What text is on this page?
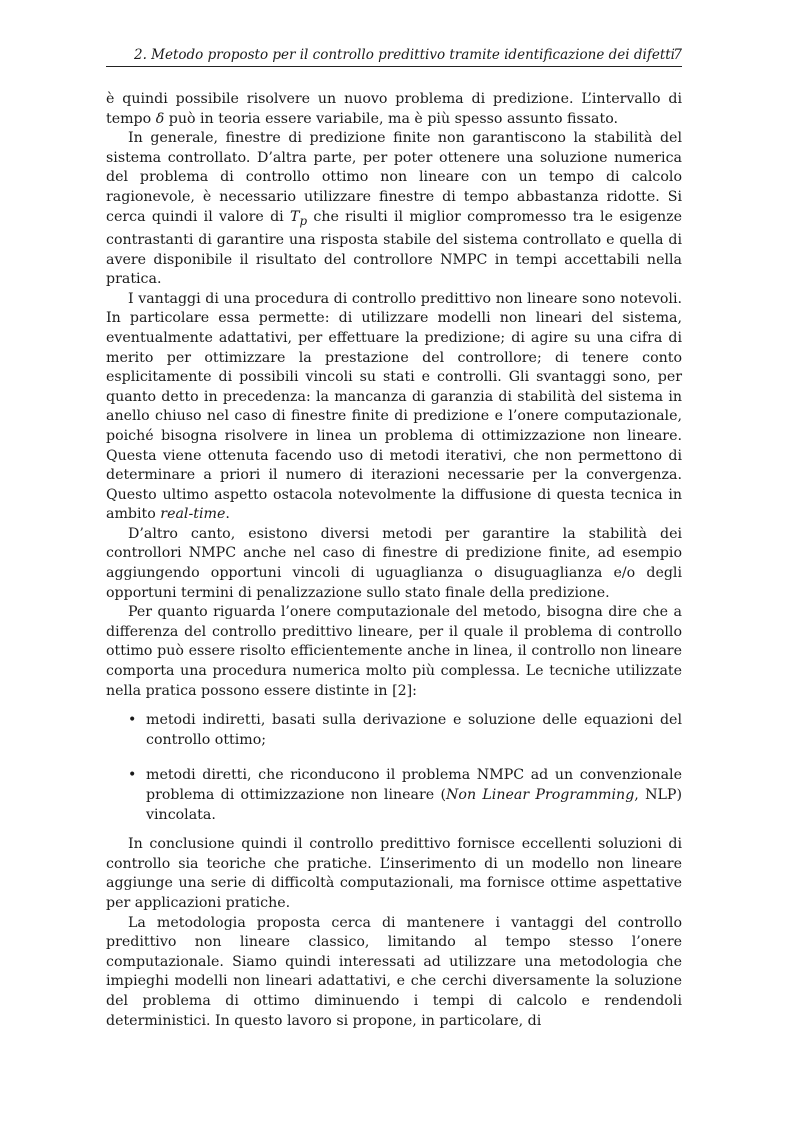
2. Metodo proposto per il controllo predittivo tramite identificazione dei difetti
7

è quindi possibile risolvere un nuovo problema di predizione. L’intervallo di tempo δ può in teoria essere variabile, ma è più spesso assunto fissato.

In generale, finestre di predizione finite non garantiscono la stabilità del sistema controllato. D’altra parte, per poter ottenere una soluzione numerica del problema di controllo ottimo non lineare con un tempo di calcolo ragionevole, è necessario utilizzare finestre di tempo abbastanza ridotte. Si cerca quindi il valore di $T_p$ che risulti il miglior compromesso tra le esigenze contrastanti di garantire una risposta stabile del sistema controllato e quella di avere disponibile il risultato del controllore NMPC in tempi accettabili nella pratica.

I vantaggi di una procedura di controllo predittivo non lineare sono notevoli. In particolare essa permette: di utilizzare modelli non lineari del sistema, eventualmente adattativi, per effettuare la predizione; di agire su una cifra di merito per ottimizzare la prestazione del controllore; di tenere conto esplicitamente di possibili vincoli su stati e controlli. Gli svantaggi sono, per quanto detto in precedenza: la mancanza di garanzia di stabilità del sistema in anello chiuso nel caso di finestre finite di predizione e l’onere computazionale, poiché bisogna risolvere in linea un problema di ottimizzazione non lineare. Questa viene ottenuta facendo uso di metodi iterativi, che non permettono di determinare a priori il numero di iterazioni necessarie per la convergenza. Questo ultimo aspetto ostacola notevolmente la diffusione di questa tecnica in ambito real-time.

D’altro canto, esistono diversi metodi per garantire la stabilità dei controllori NMPC anche nel caso di finestre di predizione finite, ad esempio aggiungendo opportuni vincoli di uguaglianza o disuguaglianza e/o degli opportuni termini di penalizzazione sullo stato finale della predizione.

Per quanto riguarda l’onere computazionale del metodo, bisogna dire che a differenza del controllo predittivo lineare, per il quale il problema di controllo ottimo può essere risolto efficientemente anche in linea, il controllo non lineare comporta una procedura numerica molto più complessa. Le tecniche utilizzate nella pratica possono essere distinte in [2]:

• metodi indiretti, basati sulla derivazione e soluzione delle equazioni del controllo ottimo;
• metodi diretti, che riconducono il problema NMPC ad un convenzionale problema di ottimizzazione non lineare (Non Linear Programming, NLP) vincolata.

In conclusione quindi il controllo predittivo fornisce eccellenti soluzioni di controllo sia teoriche che pratiche. L’inserimento di un modello non lineare aggiunge una serie di difficoltà computazionali, ma fornisce ottime aspettative per applicazioni pratiche.

La metodologia proposta cerca di mantenere i vantaggi del controllo predittivo non lineare classico, limitando al tempo stesso l’onere computazionale. Siamo quindi interessati ad utilizzare una metodologia che impieghi modelli non lineari adattativi, e che cerchi diversamente la soluzione del problema di ottimo diminuendo i tempi di calcolo e rendendoli deterministici. In questo lavoro si propone, in particolare, di
